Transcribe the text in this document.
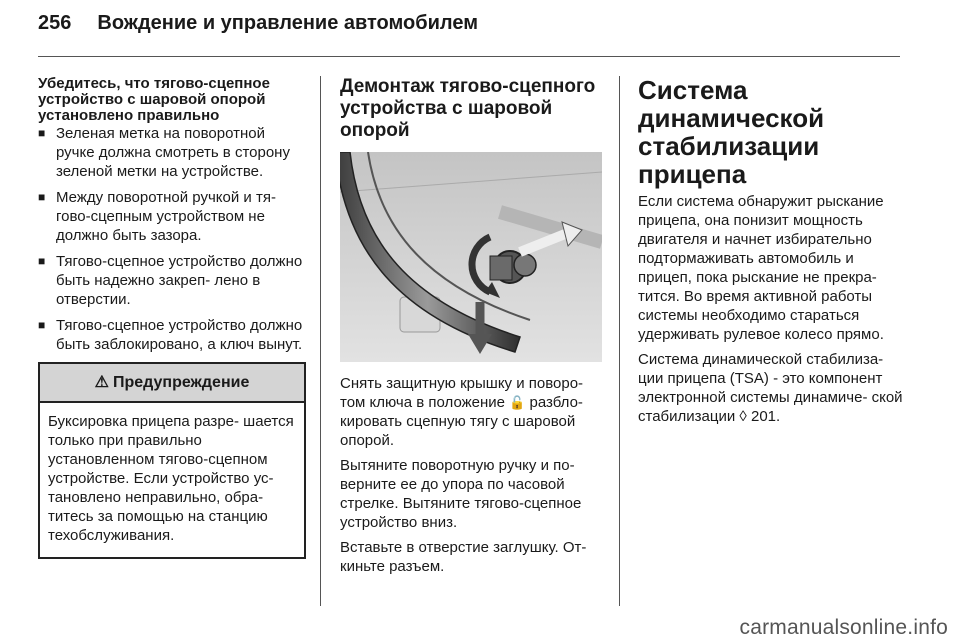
256 Вождение и управление автомобилем

Убедитесь, что тягово-сцепное устройство с шаровой опорой установлено правильно

■ Зеленая метка на поворотной ручке должна смотреть в сторону зеленой метки на устройстве.
■ Между поворотной ручкой и тя- гово-сцепным устройством не должно быть зазора.
■ Тягово-сцепное устройство должно быть надежно закреп- лено в отверстии.
■ Тягово-сцепное устройство должно быть заблокировано, а ключ вынут.
⚠ Предупреждение
Буксировка прицепа разре- шается только при правильно установленном тягово-сцепном устройстве. Если устройство ус- тановлено неправильно, обра- титесь за помощью на станцию техобслуживания.

Демонтаж тягово-сцепного устройства с шаровой опорой

Снять защитную крышку и поворо- том ключа в положение 🔓 разбло- кировать сцепную тягу с шаровой опорой.

Вытяните поворотную ручку и по- верните ее до упора по часовой стрелке. Вытяните тягово-сцепное устройство вниз.

Вставьте в отверстие заглушку. От- киньте разъем.

Система динамической стабилизации прицепа

Если система обнаружит рыскание прицепа, она понизит мощность двигателя и начнет избирательно подтормаживать автомобиль и прицеп, пока рыскание не прекра- тится. Во время активной работы системы необходимо стараться удерживать рулевое колесо прямо.

Система динамической стабилиза- ции прицепа (TSA) - это компонент электронной системы динамиче- ской стабилизации ◊ 201.

carmanualsonline.info
